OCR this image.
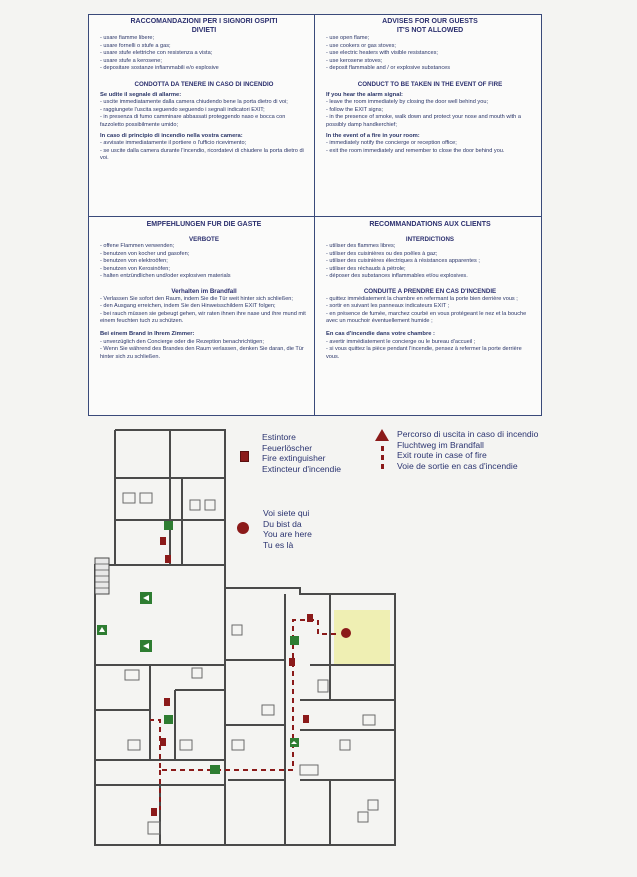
RACCOMANDAZIONI PER I SIGNORI OSPITI
DIVIETI

- usare fiamme libere;

- usare fornelli o stufe a gas;

- usare stufe elettriche con resistenza a vista;

- usare stufe a kerosene;

- depositare sostanze infiammabili e/o esplosive

CONDOTTA DA TENERE IN CASO DI INCENDIO

Se udite il segnale di allarme:

- uscite immediatamente dalla camera chiudendo bene la porta dietro di voi;

- raggiungete l'uscita seguendo seguendo i segnali indicatori EXIT;

- in presenza di fumo camminare abbassati proteggendo naso e bocca con fazzoletto possibilmente umido;

In caso di principio di incendio nella vostra camera:

- avvisate immediatamente il portiere o l'ufficio ricevimento;

- se uscite dalla camera durante l'incendio, ricordatevi di chiudere la porta dietro di voi.

ADVISES FOR OUR GUESTS
IT'S NOT ALLOWED

- use open flame;

- use cookers or gas stoves;

- use electric heaters with visible resistances;

- use kerosene stoves;

- deposit flammable and / or explosive substances

CONDUCT TO BE TAKEN IN THE EVENT OF FIRE

If you hear the alarm signal:

- leave the room immediately by closing the door well behind you;

- follow the EXIT signs;

- in the presence of smoke, walk down and protect your nose and mouth with a possibly damp handkerchief;

In the event of a fire in your room:

- immediately notify the concierge or reception office;

- exit the room immediately and remember to close the door behind you.

EMPFEHLUNGEN FUR DIE GASTE
VERBOTE

- offene Flammen verwenden;

- benutzen von kocher und gasofen;

- benutzen von elektroöfen;

- benutzen von Kerosinöfen;

- halten entzündlichen und/oder explosiven materials

Verhalten im Brandfall

- Verlassen Sie sofort den Raum, indem Sie die Tür weit hinter sich schließen;

- den Ausgang erreichen, indem Sie den Hinweisschildern EXIT folgen;

- bei rauch müssen sie gebeugt gehen, wir raten ihnen ihre nase und ihre mund mit einem feuchten tuch zu schützen.

Bei einem Brand in Ihrem Zimmer:

- unverzüglich den Concierge oder die Rezeption benachrichtigen;

- Wenn Sie während des Brandes den Raum verlassen, denken Sie daran, die Tür hinter sich zu schließen.

RECOMMANDATIONS AUX CLIENTS
INTERDICTIONS

- utiliser des flammes libres;

- utiliser des cuisinières ou des poêles à gaz;

- utiliser des cuisinières électriques à résistances apparentes ;

- utiliser des réchauds à pétrole;

- déposer des substances inflammables et/ou explosives.

CONDUITE A PRENDRE EN CAS D'INCENDIE

- quittez immédiatement la chambre en refermant la porte bien derrière vous ;

- sortir en suivant les panneaux indicateurs EXIT ;

- en présence de fumée, marchez courbé en vous protégeant le nez et la bouche avec un mouchoir éventuellement humide ;

En cas d'incendie dans votre chambre :

- avertir immédiatement le concierge ou le bureau d'accueil ;

- si vous quittez la pièce pendant l'incendie, pensez à refermer la porte derrière vous.

Estintore
Feuerlöscher
Fire extinguisher
Extincteur d'incendie
Percorso di uscita in caso di incendio
Fluchtweg im Brandfall
Exit route in case of fire
Voie de sortie en cas d'incendie
Voi siete qui
Du bist da
You are here
Tu es là
